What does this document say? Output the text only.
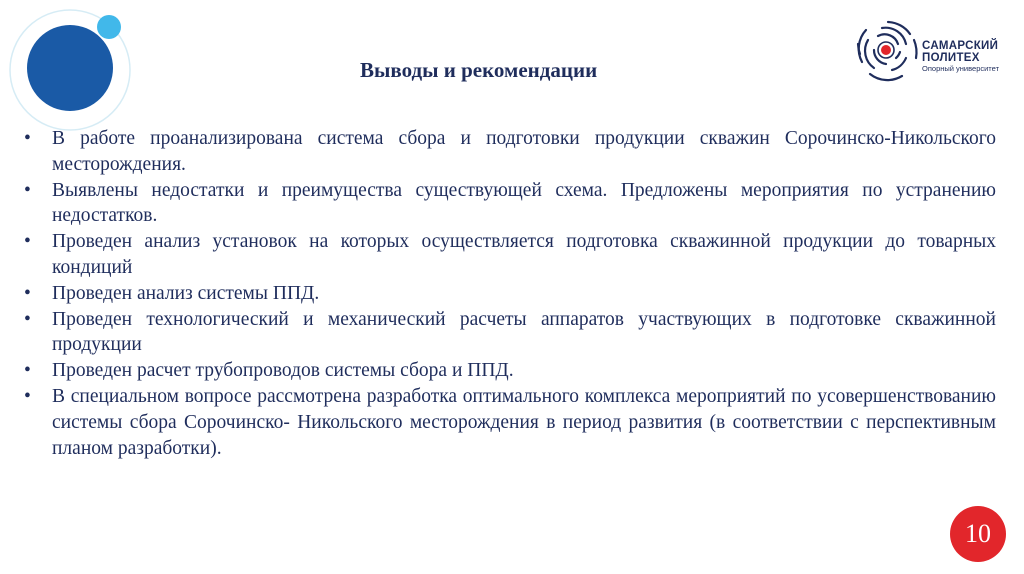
Выводы и рекомендации
САМАРСКИЙ
ПОЛИТЕХ
Опорный университет
• В работе проанализирована система сбора и подготовки продукции скважин Сорочинско-Никольского месторождения.
• Выявлены недостатки и преимущества существующей схема. Предложены мероприятия по устранению недостатков.
• Проведен анализ установок на которых осуществляется подготовка скважинной продукции до товарных кондиций
• Проведен анализ системы ППД.
• Проведен технологический и механический расчеты аппаратов участвующих в подготовке скважинной продукции
• Проведен расчет трубопроводов системы сбора и ППД.
• В специальном вопросе рассмотрена разработка оптимального комплекса мероприятий по усовершенствованию системы сбора Сорочинско- Никольского месторождения в период развития (в соответствии с перспективным планом разработки).
10
